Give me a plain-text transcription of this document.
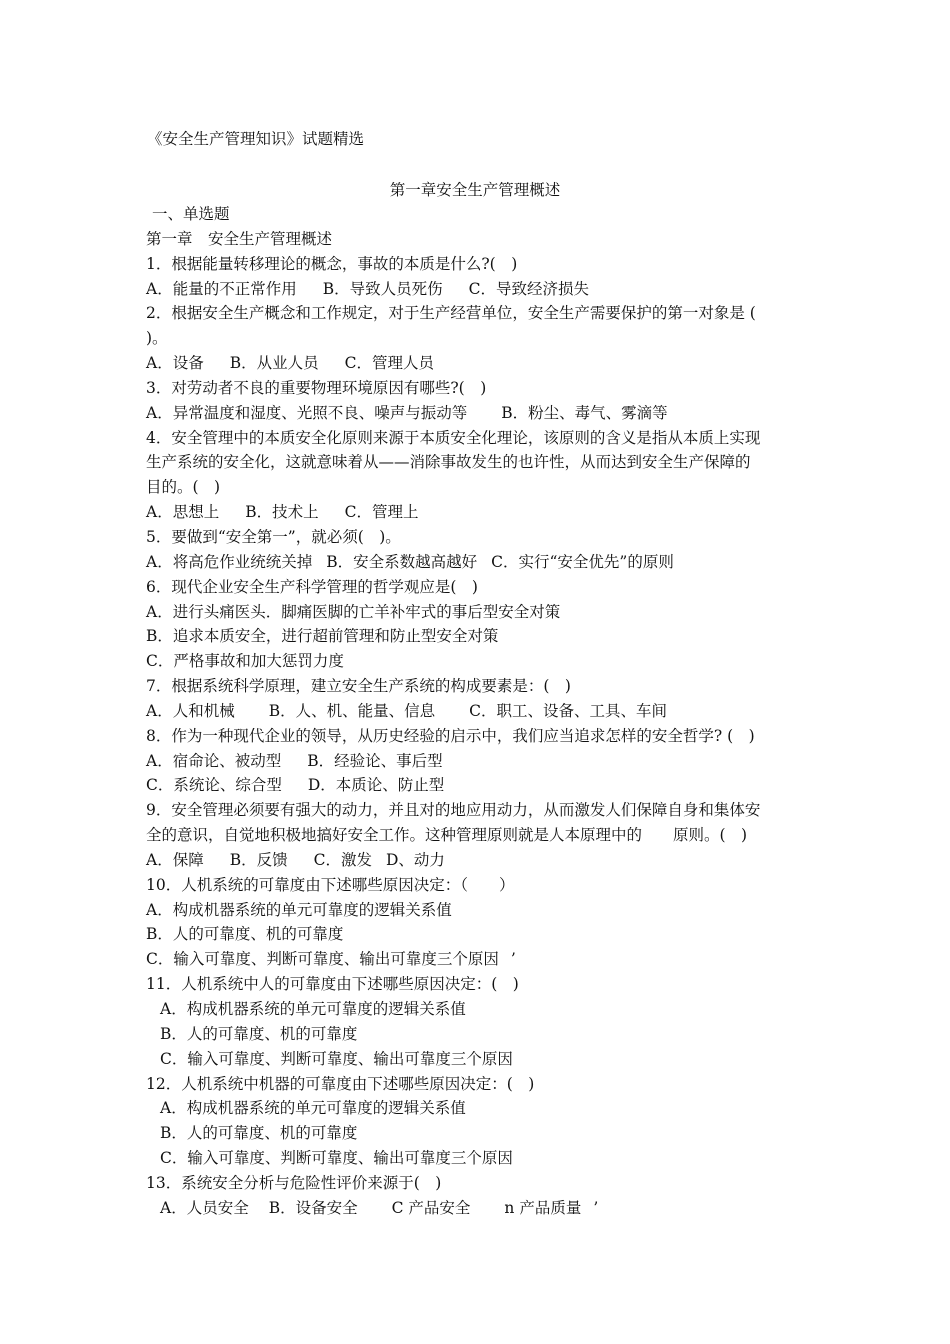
《安全生产管理知识》试题精选
第一章安全生产管理概述
一、单选题
第一章　安全生产管理概述
1．根据能量转移理论的概念，事故的本质是什么?(　)
A．能量的不正常作用 B．导致人员死伤 C．导致经济损失
2．根据安全生产概念和工作规定，对于生产经营单位，安全生产需要保护的第一对象是 (
)。
A．设备 B．从业人员 C．管理人员
3．对劳动者不良的重要物理环境原因有哪些?(　)
A．异常温度和湿度、光照不良、噪声与振动等 B．粉尘、毒气、雾滴等
4．安全管理中的本质安全化原则来源于本质安全化理论，该原则的含义是指从本质上实现
生产系统的安全化，这就意味着从——消除事故发生的也许性，从而达到安全生产保障的
目的。(　)
A．思想上 B．技术上 C．管理上
5．要做到“安全第一”，就必须(　)。
A．将高危作业统统关掉 B．安全系数越高越好 C．实行“安全优先”的原则
6．现代企业安全生产科学管理的哲学观应是(　)
A．进行头痛医头．脚痛医脚的亡羊补牢式的事后型安全对策
B．追求本质安全，进行超前管理和防止型安全对策
C．严格事故和加大惩罚力度
7．根据系统科学原理，建立安全生产系统的构成要素是：(　)
A．人和机械 B．人、机、能量、信息 C．职工、设备、工具、车间
8．作为一种现代企业的领导，从历史经验的启示中，我们应当追求怎样的安全哲学? (　)
A．宿命论、被动型 B．经验论、事后型
C．系统论、综合型 D．本质论、防止型
9．安全管理必须要有强大的动力，并且对的地应用动力，从而激发人们保障自身和集体安
全的意识，自觉地积极地搞好安全工作。这种管理原则就是人本原理中的　　原则。(　)
A．保障 B．反馈 C．激发 D、动力
10．人机系统的可靠度由下述哪些原因决定：（　　）
A．构成机器系统的单元可靠度的逻辑关系值
B．人的可靠度、机的可靠度
C．输入可靠度、判断可靠度、输出可靠度三个原因 ’
11．人机系统中人的可靠度由下述哪些原因决定：(　)
A．构成机器系统的单元可靠度的逻辑关系值
B．人的可靠度、机的可靠度
C．输入可靠度、判断可靠度、输出可靠度三个原因
12．人机系统中机器的可靠度由下述哪些原因决定：(　)
A．构成机器系统的单元可靠度的逻辑关系值
B．人的可靠度、机的可靠度
C．输入可靠度、判断可靠度、输出可靠度三个原因
13．系统安全分析与危险性评价来源于(　)
A．人员安全 B．设备安全 C 产品安全 n 产品质量 ’
